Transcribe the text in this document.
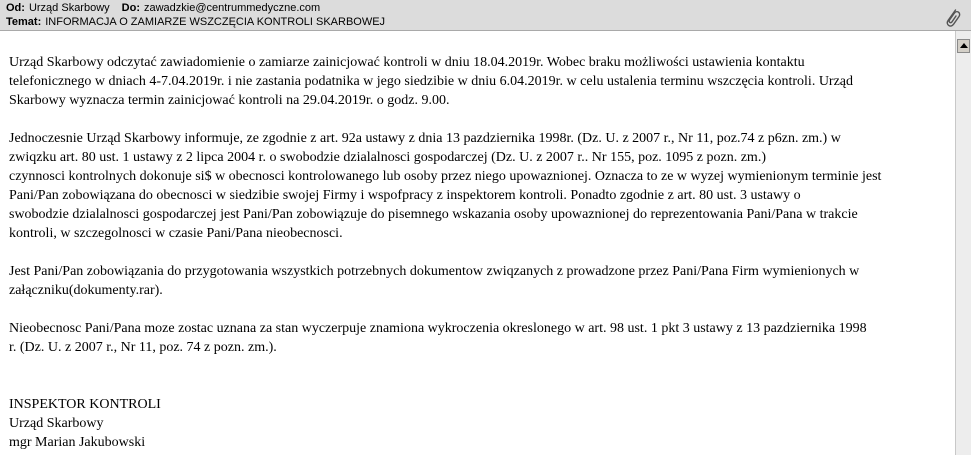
Od: Urząd Skarbowy Do: zawadzkie@centrummedyczne.com
Temat: INFORMACJA O ZAMIARZE WSZCZĘCIA KONTROLI SKARBOWEJ
Urząd Skarbowy odczytać zawiadomienie o zamiarze zainicjować kontroli w dniu 18.04.2019r. Wobec braku możliwości ustawienia kontaktu
telefonicznego w dniach 4-7.04.2019r. i nie zastania podatnika w jego siedzibie w dniu 6.04.2019r. w celu ustalenia terminu wszczęcia kontroli. Urząd
Skarbowy wyznacza termin zainicjować kontroli na 29.04.2019r. o godz. 9.00.
Jednoczesnie Urząd Skarbowy informuje, ze zgodnie z art. 92a ustawy z dnia 13 pazdziernika 1998r. (Dz. U. z 2007 r., Nr 11, poz.74 z p6zn. zm.) w
zwiqzku art. 80 ust. 1 ustawy z 2 lipca 2004 r. o swobodzie dzialalnosci gospodarczej (Dz. U. z 2007 r.. Nr 155, poz. 1095 z pozn. zm.)
czynnosci kontrolnych dokonuje si$ w obecnosci kontrolowanego lub osoby przez niego upowaznionej. Oznacza to ze w wyzej wymienionym terminie jest
Pani/Pan zobowiązana do obecnosci w siedzibie swojej Firmy i wspofpracy z inspektorem kontroli. Ponadto zgodnie z art. 80 ust. 3 ustawy o
swobodzie dzialalnosci gospodarczej jest Pani/Pan zobowiązuje do pisemnego wskazania osoby upowaznionej do reprezentowania Pani/Pana w trakcie
kontroli, w szczegolnosci w czasie Pani/Pana nieobecnosci.
Jest Pani/Pan zobowiązania do przygotowania wszystkich potrzebnych dokumentow zwiqzanych z prowadzone przez Pani/Pana Firm wymienionych w
załączniku(dokumenty.rar).
Nieobecnosc Pani/Pana moze zostac uznana za stan wyczerpuje znamiona wykroczenia okreslonego w art. 98 ust. 1 pkt 3 ustawy z 13 pazdziernika 1998
r. (Dz. U. z 2007 r., Nr 11, poz. 74 z pozn. zm.).
INSPEKTOR KONTROLI
Urząd Skarbowy
mgr Marian Jakubowski
